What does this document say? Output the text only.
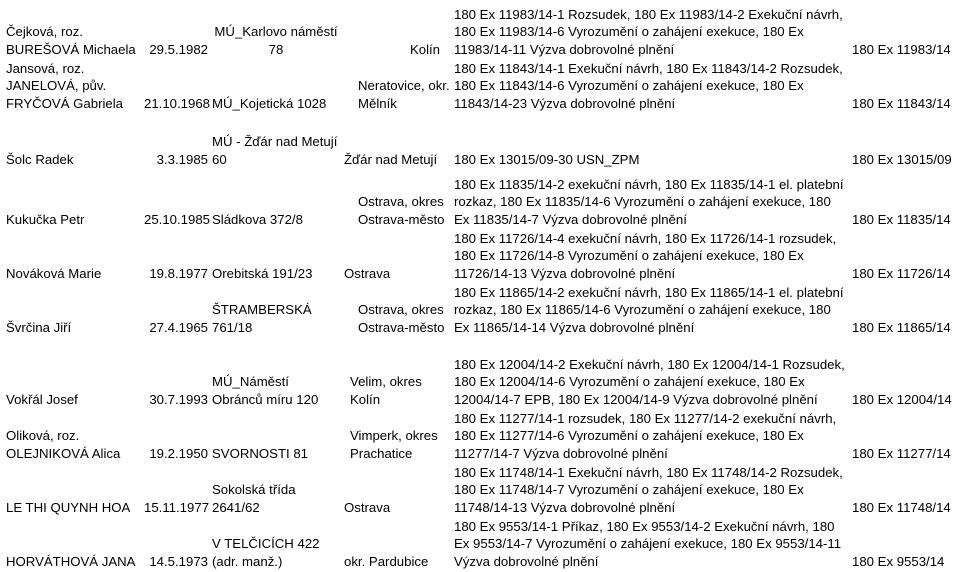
Čejková, roz. BUREŠOVÁ Michaela	29.5.1982	MÚ_Karlovo náměstí 78	Kolín	180 Ex 11983/14-1 Rozsudek, 180 Ex 11983/14-2 Exekuční návrh, 180 Ex 11983/14-6 Vyrozumění o zahájení exekuce, 180 Ex 11983/14-11 Výzva dobrovolné plnění	180 Ex 11983/14
Jansová, roz. JANELOVÁ, pův. FRYČOVÁ Gabriela	21.10.1968	MÚ_Kojetická 1028	Neratovice, okr. Mělník	180 Ex 11843/14-1 Exekuční návrh, 180 Ex 11843/14-2 Rozsudek, 180 Ex 11843/14-6 Vyrozumění o zahájení exekuce, 180 Ex 11843/14-23 Výzva dobrovolné plnění	180 Ex 11843/14

Šolc Radek	3.3.1985	MÚ - Žďár nad Metují 60	Žďár nad Metují	180 Ex 13015/09-30 USN_ZPM	180 Ex 13015/09

Kukučka Petr	25.10.1985	Sládkova 372/8	Ostrava, okres Ostrava-město	180 Ex 11835/14-2 exekuční návrh, 180 Ex 11835/14-1 el. platební rozkaz, 180 Ex 11835/14-6 Vyrozumění o zahájení exekuce, 180 Ex 11835/14-7 Výzva dobrovolné plnění	180 Ex 11835/14
Nováková Marie	19.8.1977	Orebitská 191/23	Ostrava	180 Ex 11726/14-4 exekuční návrh, 180 Ex 11726/14-1 rozsudek, 180 Ex 11726/14-8 Vyrozumění o zahájení exekuce, 180 Ex 11726/14-13 Výzva dobrovolné plnění	180 Ex 11726/14
Švrčina Jiří	27.4.1965	ŠTRAMBERSKÁ 761/18	Ostrava, okres Ostrava-město	180 Ex 11865/14-2 exekuční návrh, 180 Ex 11865/14-1 el. platební rozkaz, 180 Ex 11865/14-6 Vyrozumění o zahájení exekuce, 180 Ex 11865/14-14 Výzva dobrovolné plnění	180 Ex 11865/14
Vokřál Josef	30.7.1993	MÚ_Náměstí Obránců míru 120	Velim, okres Kolín	180 Ex 12004/14-2 Exekuční návrh, 180 Ex 12004/14-1 Rozsudek, 180 Ex 12004/14-6 Vyrozumění o zahájení exekuce, 180 Ex 12004/14-7 EPB, 180 Ex 12004/14-9 Výzva dobrovolné plnění	180 Ex 12004/14
Oliková, roz. OLEJNIKOVÁ Alica	19.2.1950	SVORNOSTI 81	Vimperk, okres Prachatice	180 Ex 11277/14-1 rozsudek, 180 Ex 11277/14-2 exekuční návrh, 180 Ex 11277/14-6 Vyrozumění o zahájení exekuce, 180 Ex 11277/14-7 Výzva dobrovolné plnění	180 Ex 11277/14
LE THI QUYNH HOA	15.11.1977	Sokolská třída 2641/62	Ostrava	180 Ex 11748/14-1 Exekuční návrh, 180 Ex 11748/14-2 Rozsudek, 180 Ex 11748/14-7 Vyrozumění o zahájení exekuce, 180 Ex 11748/14-13 Výzva dobrovolné plnění	180 Ex 11748/14
HORVÁTHOVÁ JANA	14.5.1973	V TELČICÍCH 422 (adr. manž.)	okr. Pardubice	180 Ex 9553/14-1 Příkaz, 180 Ex 9553/14-2 Exekuční návrh, 180 Ex 9553/14-7 Vyrozumění o zahájení exekuce, 180 Ex 9553/14-11 Výzva dobrovolné plnění	180 Ex 9553/14
